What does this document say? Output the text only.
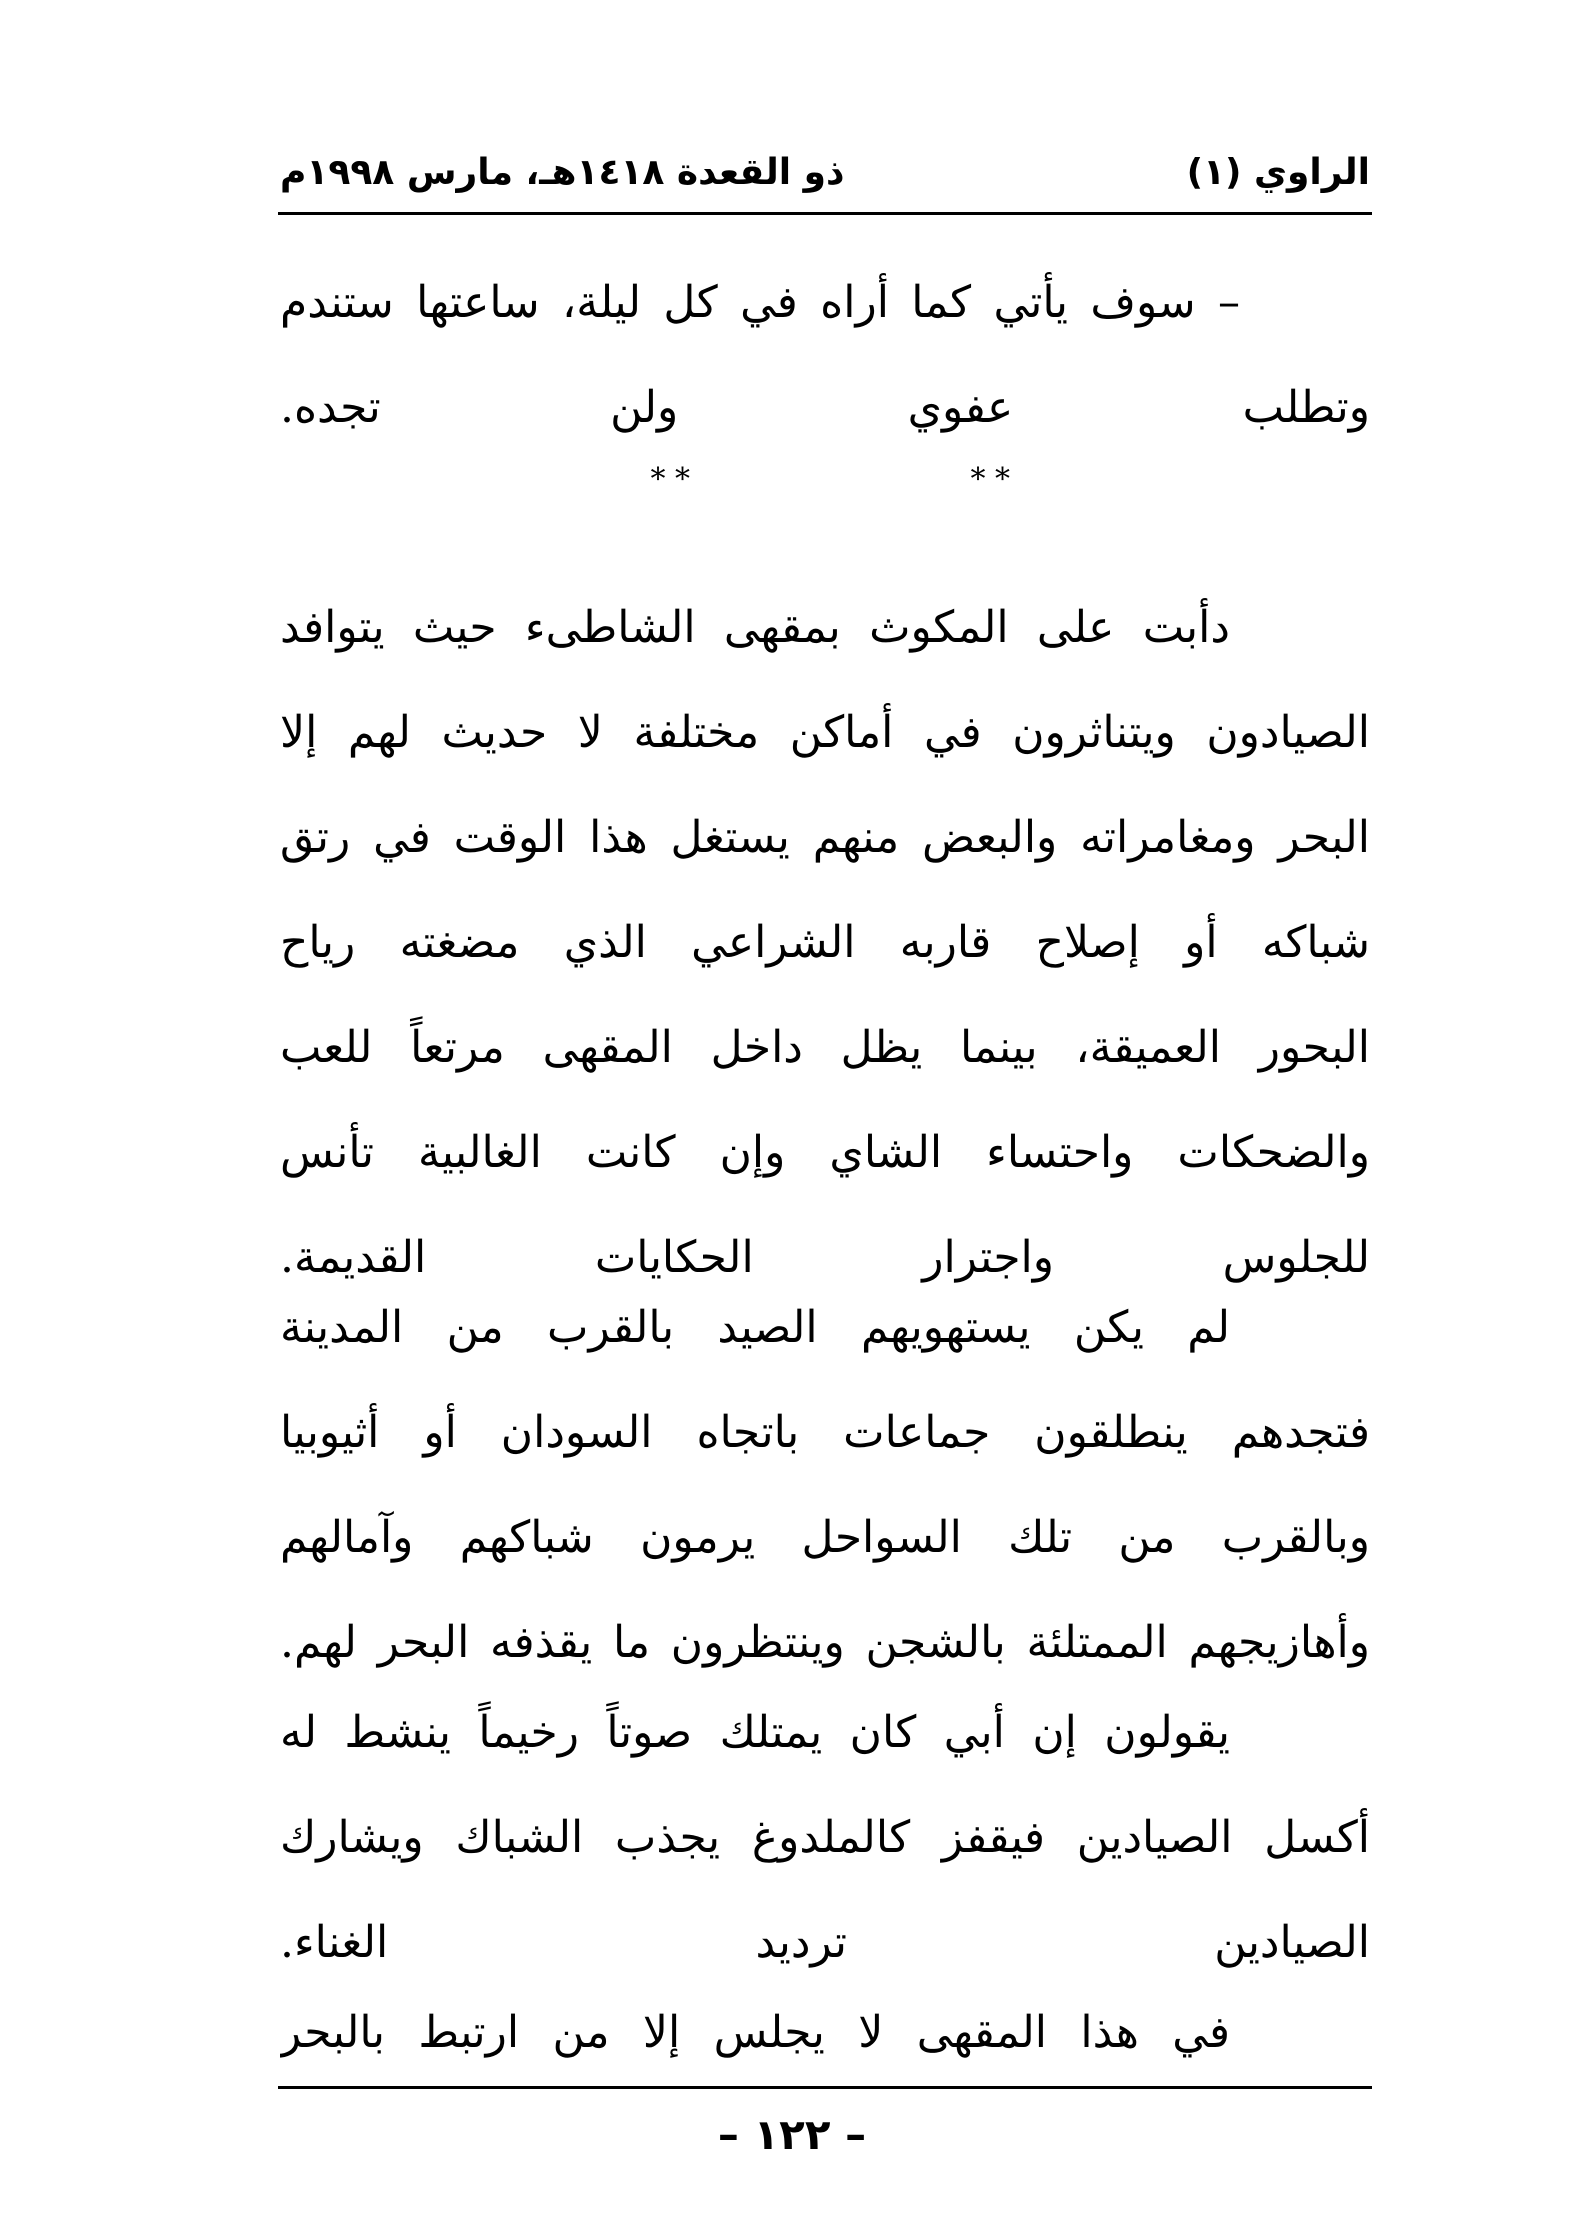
الراوي (١)
ذو القعدة ١٤١٨هـ، مارس ١٩٩٨م
– سوف يأتي كما أراه في كل ليلة، ساعتها ستندم
وتطلب عفوي ولن تجده.
* *
* *
دأبت على المكوث بمقهى الشاطىء حيث يتوافد
الصيادون ويتناثرون في أماكن مختلفة لا حديث لهم إلا
البحر ومغامراته والبعض منهم يستغل هذا الوقت في رتق
شباكه أو إصلاح قاربه الشراعي الذي مضغته رياح
البحور العميقة، بينما يظل داخل المقهى مرتعاً للعب
والضحكات واحتساء الشاي وإن كانت الغالبية تأنس
للجلوس واجترار الحكايات القديمة.
لم يكن يستهويهم الصيد بالقرب من المدينة
فتجدهم ينطلقون جماعات باتجاه السودان أو أثيوبيا
وبالقرب من تلك السواحل يرمون شباكهم وآمالهم
وأهازيجهم الممتلئة بالشجن وينتظرون ما يقذفه البحر لهم.
يقولون إن أبي كان يمتلك صوتاً رخيماً ينشط له
أكسل الصيادين فيقفز كالملدوغ يجذب الشباك ويشارك
الصيادين ترديد الغناء.
في هذا المقهى لا يجلس إلا من ارتبط بالبحر
– ١٢٢ –
